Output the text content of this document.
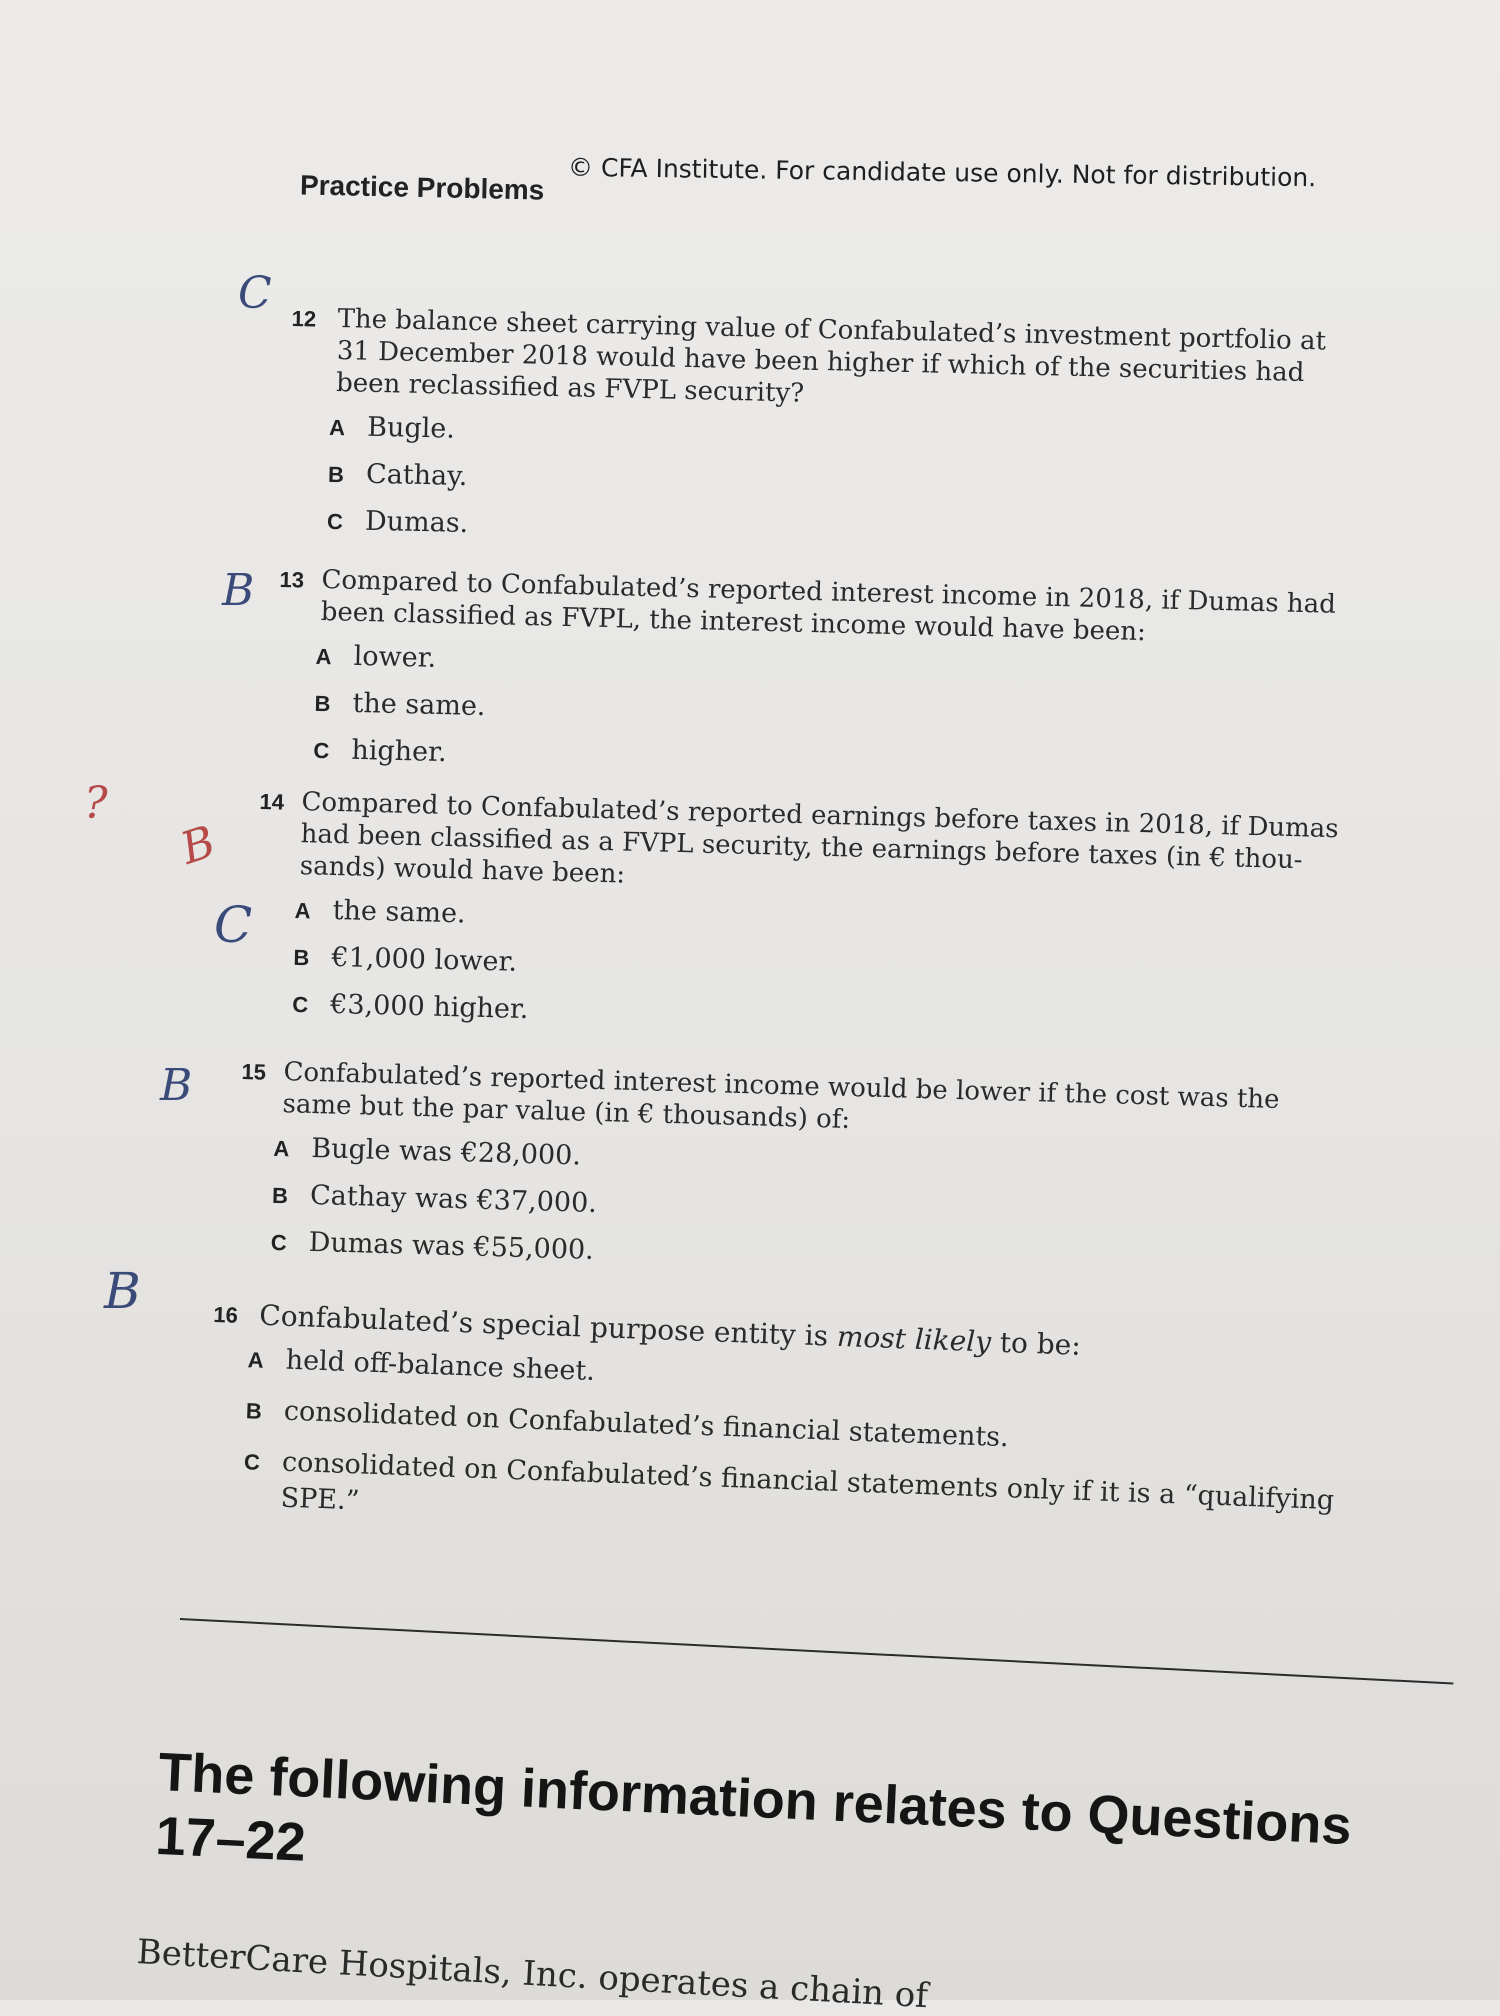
Practice Problems © CFA Institute. For candidate use only. Not for distribution.
12 The balance sheet carrying value of Confabulated’s investment portfolio at 31 December 2018 would have been higher if which of the securities had been reclassified as FVPL security?
A Bugle.
B Cathay.
C Dumas.
13 Compared to Confabulated’s reported interest income in 2018, if Dumas had been classified as FVPL, the interest income would have been:
A lower.
B the same.
C higher.
14 Compared to Confabulated’s reported earnings before taxes in 2018, if Dumas had been classified as a FVPL security, the earnings before taxes (in € thou-sands) would have been:
A the same.
B €1,000 lower.
C €3,000 higher.
15 Confabulated’s reported interest income would be lower if the cost was the same but the par value (in € thousands) of:
A Bugle was €28,000.
B Cathay was €37,000.
C Dumas was €55,000.
16 Confabulated’s special purpose entity is most likely to be:
A held off-balance sheet.
B consolidated on Confabulated’s financial statements.
C consolidated on Confabulated’s financial statements only if it is a “qualifying SPE.”
C
B
?
B
C
B
B
The following information relates to Questions 17–22
BetterCare Hospitals, Inc. operates a chain of
